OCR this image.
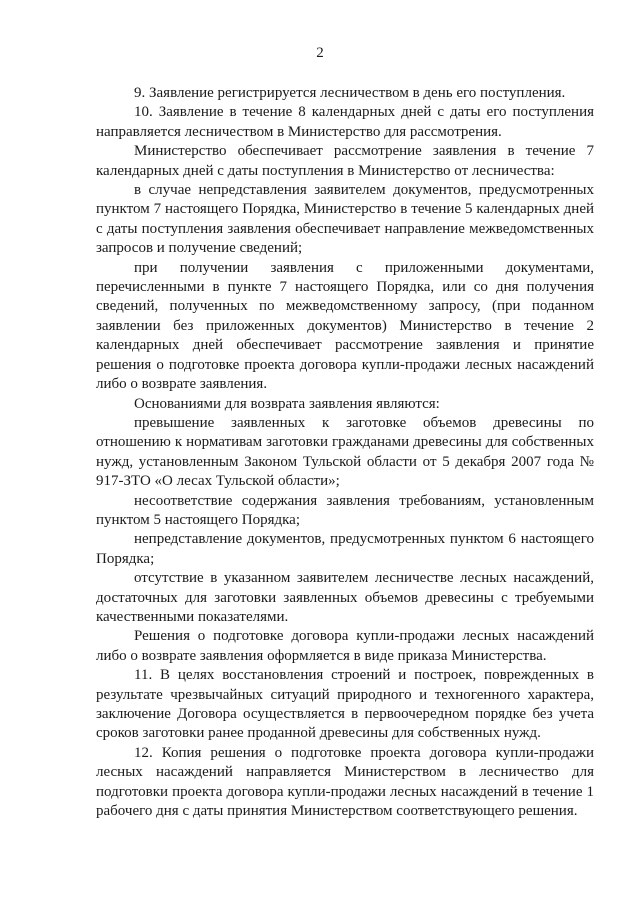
2

9. Заявление регистрируется лесничеством в день его поступления.

10. Заявление в течение 8 календарных дней с даты его поступления направляется лесничеством в Министерство для рассмотрения.

Министерство обеспечивает рассмотрение заявления в течение 7 календарных дней с даты поступления в Министерство от лесничества:

в случае непредставления заявителем документов, предусмотренных пунктом 7 настоящего Порядка, Министерство в течение 5 календарных дней с даты поступления заявления обеспечивает направление межведомственных запросов и получение сведений;

при получении заявления с приложенными документами, перечисленными в пункте 7 настоящего Порядка, или со дня получения сведений, полученных по межведомственному запросу, (при поданном заявлении без приложенных документов) Министерство в течение 2 календарных дней обеспечивает рассмотрение заявления и принятие решения о подготовке проекта договора купли-продажи лесных насаждений либо о возврате заявления.

Основаниями для возврата заявления являются:

превышение заявленных к заготовке объемов древесины по отношению к нормативам заготовки гражданами древесины для собственных нужд, установленным Законом Тульской области от 5 декабря 2007 года № 917-ЗТО «О лесах Тульской области»;

несоответствие содержания заявления требованиям, установленным пунктом 5 настоящего Порядка;

непредставление документов, предусмотренных пунктом 6 настоящего Порядка;

отсутствие в указанном заявителем лесничестве лесных насаждений, достаточных для заготовки заявленных объемов древесины с требуемыми качественными показателями.

Решения о подготовке договора купли-продажи лесных насаждений либо о возврате заявления оформляется в виде приказа Министерства.

11. В целях восстановления строений и построек, поврежденных в результате чрезвычайных ситуаций природного и техногенного характера, заключение Договора осуществляется в первоочередном порядке без учета сроков заготовки ранее проданной древесины для собственных нужд.

12. Копия решения о подготовке проекта договора купли-продажи лесных насаждений направляется Министерством в лесничество для подготовки проекта договора купли-продажи лесных насаждений в течение 1 рабочего дня с даты принятия Министерством соответствующего решения.
